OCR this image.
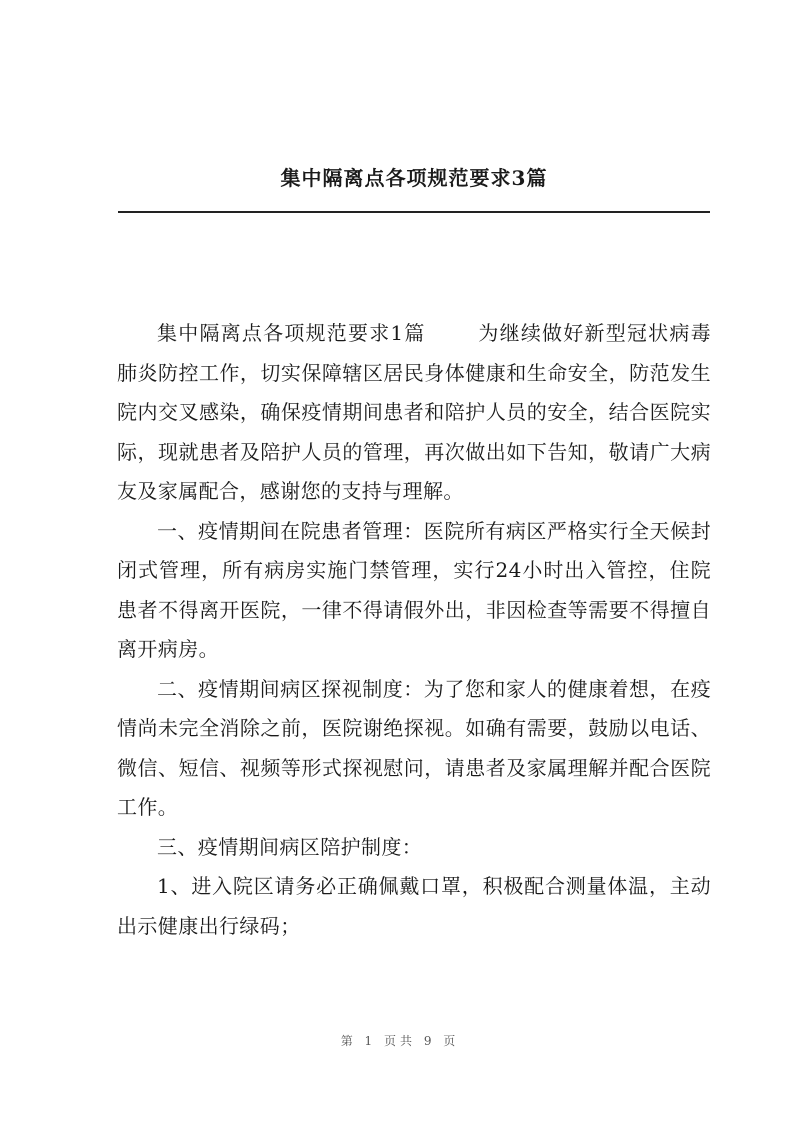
集中隔离点各项规范要求3篇

集中隔离点各项规范要求1篇	为继续做好新型冠状病毒肺炎防控工作，切实保障辖区居民身体健康和生命安全，防范发生院内交叉感染，确保疫情期间患者和陪护人员的安全，结合医院实际，现就患者及陪护人员的管理，再次做出如下告知，敬请广大病友及家属配合，感谢您的支持与理解。

一、疫情期间在院患者管理：医院所有病区严格实行全天候封闭式管理，所有病房实施门禁管理，实行24小时出入管控，住院患者不得离开医院，一律不得请假外出，非因检查等需要不得擅自离开病房。

二、疫情期间病区探视制度：为了您和家人的健康着想，在疫情尚未完全消除之前，医院谢绝探视。如确有需要，鼓励以电话、微信、短信、视频等形式探视慰问，请患者及家属理解并配合医院工作。

三、疫情期间病区陪护制度：

1、进入院区请务必正确佩戴口罩，积极配合测量体温，主动出示健康出行绿码；

第 1 页共 9 页
